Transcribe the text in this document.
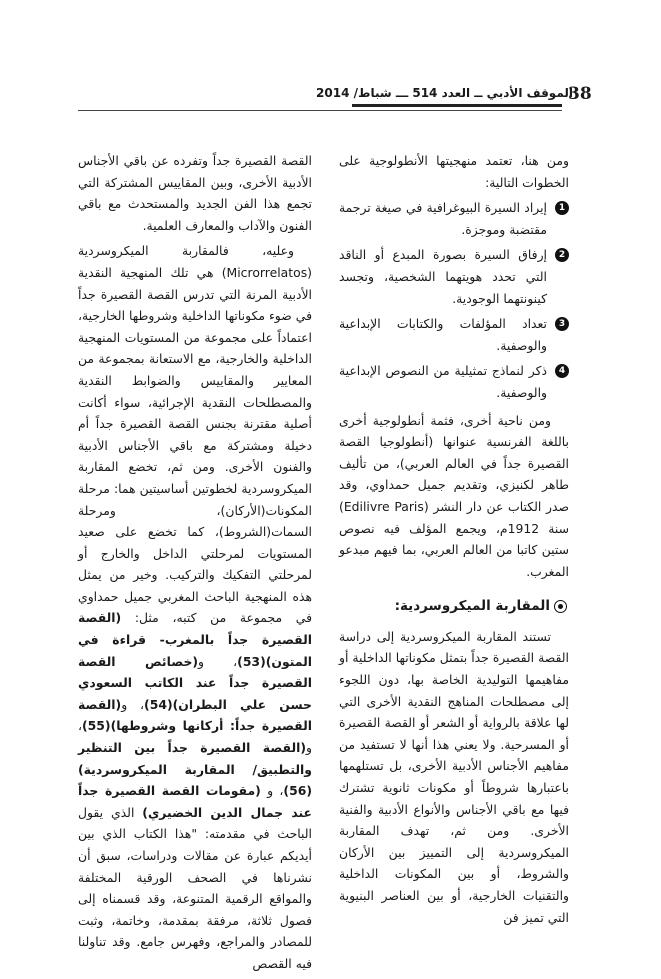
الموقف الأدبي ــ العدد 514 ـــ شباط/ 2014
38

ومن هنا، تعتمد منهجيتها الأنطولوجية على الخطوات التالية:

1
إيراد السيرة البيوغرافية في صيغة ترجمة مقتضبة وموجزة.
2
إرفاق السيرة بصورة المبدع أو الناقد التي تحدد هويتهما الشخصية، وتجسد كينونتهما الوجودية.
3
تعداد المؤلفات والكتابات الإبداعية والوصفية.
4
ذكر لنماذج تمثيلية من النصوص الإبداعية والوصفية.

ومن ناحية أخرى، فثمة أنطولوجية أخرى باللغة الفرنسية عنوانها (أنطولوجيا القصة القصيرة جداً في العالم العربي)، من تأليف طاهر لكنيزي، وتقديم جميل حمداوي، وقد صدر الكتاب عن دار النشر (Edilivre Paris) سنة 1912م، ويجمع المؤلف فيه نصوص ستين كاتبا من العالم العربي، بما فيهم مبدعو المغرب.

المقاربة الميكروسردية:

تستند المقاربة الميكروسردية إلى دراسة القصة القصيرة جداً بتمثل مكوناتها الداخلية أو مفاهيمها التوليدية الخاصة بها، دون اللجوء إلى مصطلحات المناهج النقدية الأخرى التي لها علاقة بالرواية أو الشعر أو القصة القصيرة أو المسرحية. ولا يعني هذا أنها لا تستفيد من مفاهيم الأجناس الأدبية الأخرى، بل تستلهمها باعتبارها شروطاً أو مكونات ثانوية تشترك فيها مع باقي الأجناس والأنواع الأدبية والفنية الأخرى. ومن ثم، تهدف المقاربة الميكروسردية إلى التمييز بين الأركان والشروط، أو بين المكونات الداخلية والتقنيات الخارجية، أو بين العناصر البنيوية التي تميز فن

القصة القصيرة جداً وتفرده عن باقي الأجناس الأدبية الأخرى، وبين المقاييس المشتركة التي تجمع هذا الفن الجديد والمستحدث مع باقي الفنون والآداب والمعارف العلمية.

وعليه، فالمقاربة الميكروسردية (Microrrelatos) هي تلك المنهجية النقدية الأدبية المرنة التي تدرس القصة القصيرة جداً في ضوء مكوناتها الداخلية وشروطها الخارجية، اعتماداً على مجموعة من المستويات المنهجية الداخلية والخارجية، مع الاستعانة بمجموعة من المعايير والمقاييس والضوابط النقدية والمصطلحات النقدية الإجرائية، سواء أكانت أصلية مقترنة بجنس القصة القصيرة جداً أم دخيلة ومشتركة مع باقي الأجناس الأدبية والفنون الأخرى. ومن ثم، تخضع المقاربة الميكروسردية لخطوتين أساسيتين هما: مرحلة المكونات(الأركان)، ومرحلة السمات(الشروط)، كما تخضع على صعيد المستويات لمرحلتي الداخل والخارج أو لمرحلتي التفكيك والتركيب. وخير من يمثل هذه المنهجية الباحث المغربي جميل حمداوي في مجموعة من كتبه، مثل: (القصة القصيرة جداً بالمغرب- قراءة في المتون)(53)، و(خصائص القصة القصيرة جداً عند الكاتب السعودي حسن علي البطران)(54)، و(القصة القصيرة جداً: أركانها وشروطها)(55)، و(القصة القصيرة جداً بين التنظير والتطبيق/ المقاربة الميكروسردية)(56)، و (مقومات القصة القصيرة جداً عند جمال الدين الخضيري) الذي يقول الباحث في مقدمته: "هذا الكتاب الذي بين أيديكم عبارة عن مقالات ودراسات، سبق أن نشرناها في الصحف الورقية المختلفة والمواقع الرقمية المتنوعة، وقد قسمناه إلى فصول ثلاثة، مرفقة بمقدمة، وخاتمة، وثبت للمصادر والمراجع، وفهرس جامع. وقد تناولنا فيه القصص
